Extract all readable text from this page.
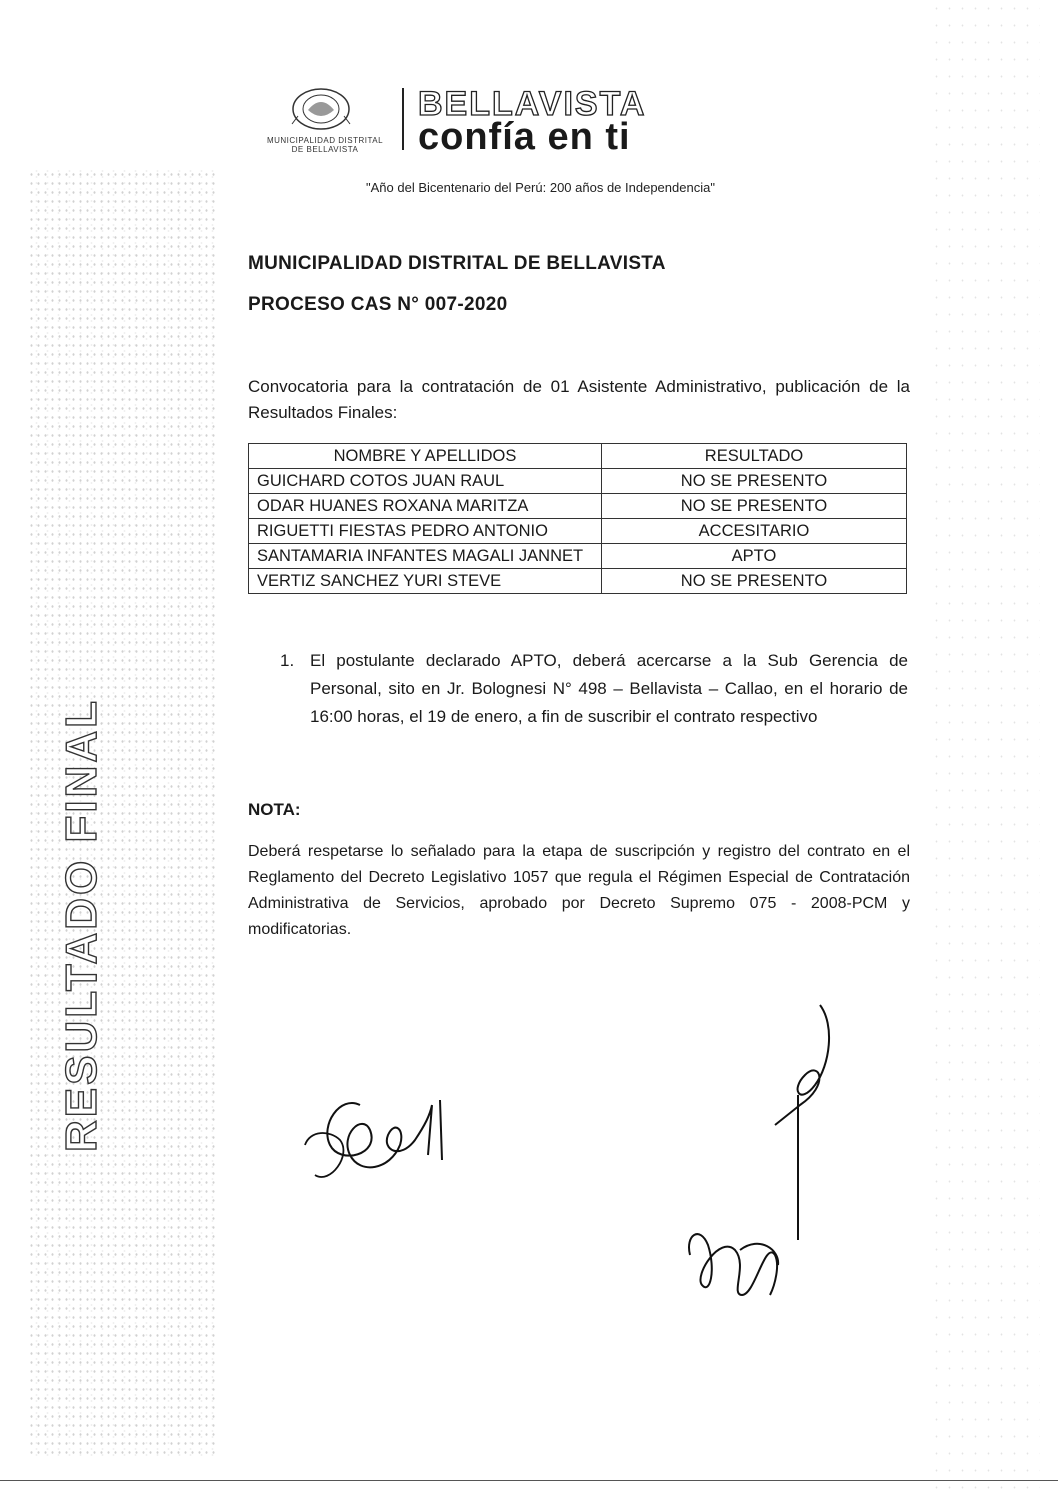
MUNICIPALIDAD DISTRITAL DE BELLAVISTA
BELLAVISTA
confía en ti
"Año del Bicentenario del Perú: 200 años de Independencia"
MUNICIPALIDAD DISTRITAL DE BELLAVISTA
PROCESO CAS N° 007-2020
Convocatoria para la contratación de 01 Asistente Administrativo, publicación de la Resultados Finales:
NOMBRE Y APELLIDOS	RESULTADO
GUICHARD COTOS JUAN RAUL	NO SE PRESENTO
ODAR HUANES ROXANA MARITZA	NO SE PRESENTO
RIGUETTI FIESTAS PEDRO ANTONIO	ACCESITARIO
SANTAMARIA INFANTES MAGALI JANNET	APTO
VERTIZ SANCHEZ YURI STEVE	NO SE PRESENTO
1. El postulante declarado APTO, deberá acercarse a la Sub Gerencia de Personal, sito en Jr. Bolognesi N° 498 – Bellavista – Callao, en el horario de 16:00 horas, el 19 de enero, a fin de suscribir el contrato respectivo
NOTA:
Deberá respetarse lo señalado para la etapa de suscripción y registro del contrato en el Reglamento del Decreto Legislativo 1057 que regula el Régimen Especial de Contratación Administrativa de Servicios, aprobado por Decreto Supremo 075 - 2008-PCM y modificatorias.
RESULTADO FINAL
